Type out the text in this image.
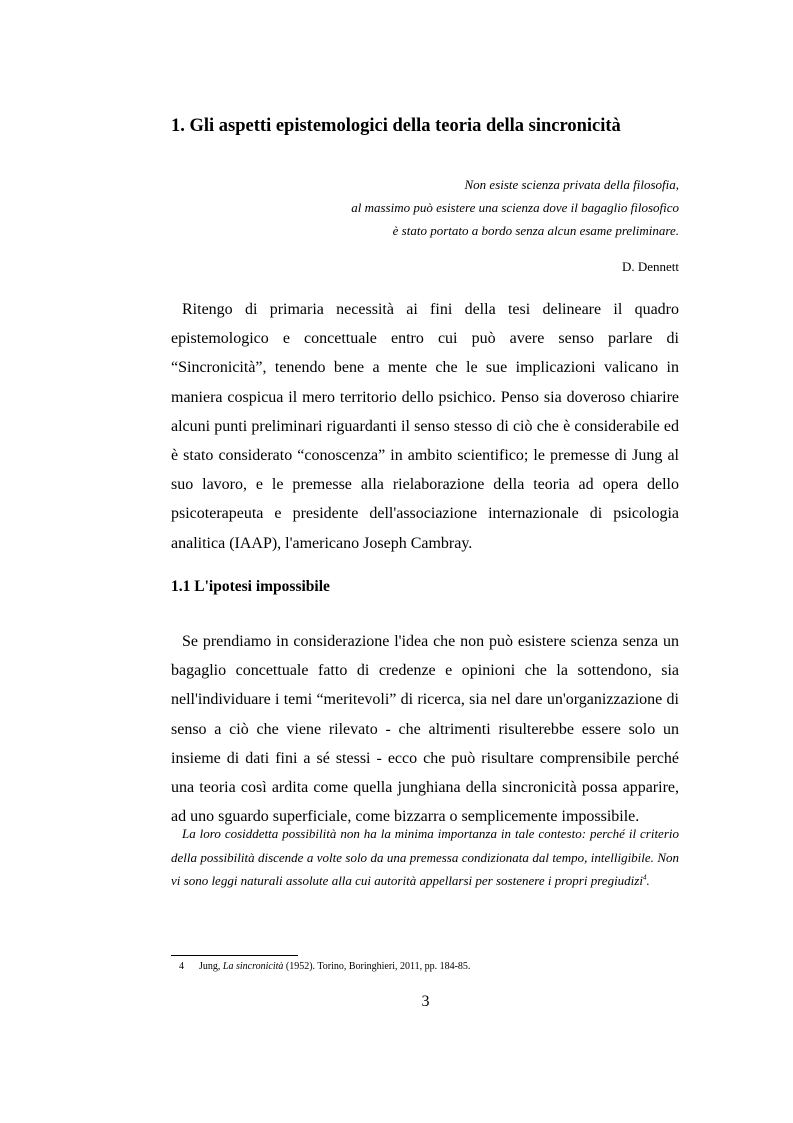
1. Gli aspetti epistemologici della teoria della sincronicità
Non esiste scienza privata della filosofia,
al massimo può esistere una scienza dove il bagaglio filosofico
è stato portato a bordo senza alcun esame preliminare.
D. Dennett

Ritengo di primaria necessità ai fini della tesi delineare il quadro epistemologico e concettuale entro cui può avere senso parlare di “Sincronicità”, tenendo bene a mente che le sue implicazioni valicano in maniera cospicua il mero territorio dello psichico. Penso sia doveroso chiarire alcuni punti preliminari riguardanti il senso stesso di ciò che è considerabile ed è stato considerato “conoscenza” in ambito scientifico; le premesse di Jung al suo lavoro, e le premesse alla rielaborazione della teoria ad opera dello psicoterapeuta e presidente dell'associazione internazionale di psicologia analitica (IAAP), l'americano Joseph Cambray.

1.1 L'ipotesi impossibile

Se prendiamo in considerazione l'idea che non può esistere scienza senza un bagaglio concettuale fatto di credenze e opinioni che la sottendono, sia nell'individuare i temi “meritevoli” di ricerca, sia nel dare un'organizzazione di senso a ciò che viene rilevato - che altrimenti risulterebbe essere solo un insieme di dati fini a sé stessi - ecco che può risultare comprensibile perché una teoria così ardita come quella junghiana della sincronicità possa apparire, ad uno sguardo superficiale, come bizzarra o semplicemente impossibile.

La loro cosiddetta possibilità non ha la minima importanza in tale contesto: perché il criterio della possibilità discende a volte solo da una premessa condizionata dal tempo, intelligibile. Non vi sono leggi naturali assolute alla cui autorità appellarsi per sostenere i propri pregiudizi$^4$.

4 Jung, La sincronicità (1952). Torino, Boringhieri, 2011, pp. 184-85.
3
